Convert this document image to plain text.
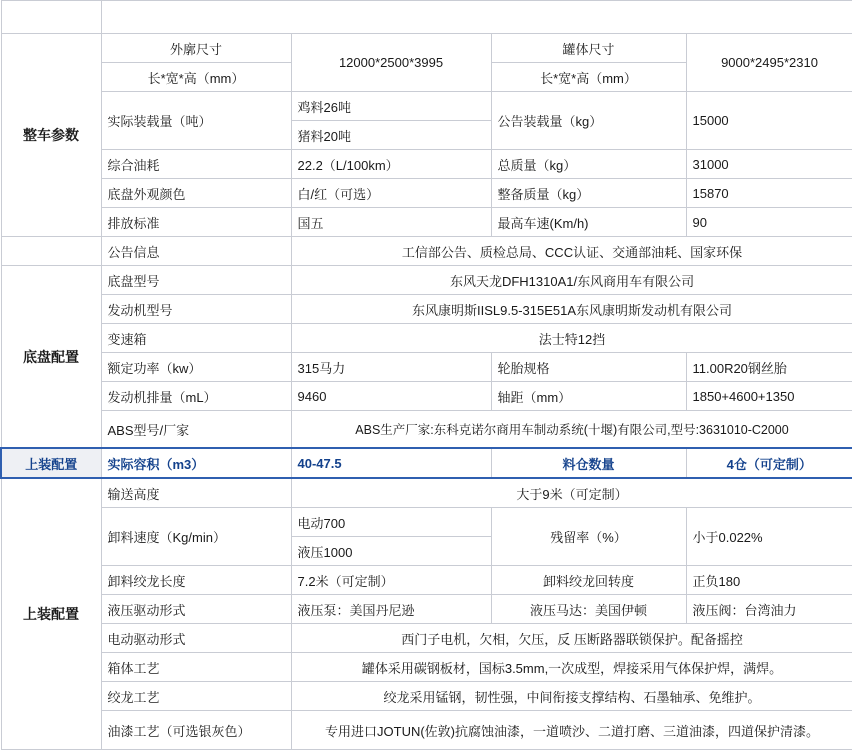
车型	东风天龙前四后八散装饲料运输车			
整车参数	外廓尺寸	12000*2500*3995	罐体尺寸	9000*2495*2310
	长*宽*高（mm）		长*宽*高（mm）	
	实际装载量（吨）	鸡料26吨	公告装载量（kg）	15000
		猪料20吨		
	综合油耗	22.2（L/100km）	总质量（kg）	31000
	底盘外观颜色	白/红（可选）	整备质量（kg）	15870
	排放标准	国五	最高车速(Km/h)	90
	公告信息	工信部公告、质检总局、CCC认证、交通部油耗、国家环保		
底盘配置	底盘型号	东风天龙DFH1310A1/东风商用车有限公司		
	发动机型号	东风康明斯IISL9.5-315E51A东风康明斯发动机有限公司		
	变速箱	法士特12挡		
	额定功率（kw）	315马力	轮胎规格	11.00R20钢丝胎
	发动机排量（mL）	9460	轴距（mm）	1850+4600+1350
	ABS型号/厂家	ABS生产厂家:东科克诺尔商用车制动系统(十堰)有限公司,型号:3631010-C2000		
上装配置	实际容积（m3）	40-47.5	料仓数量	4仓（可定制）
上装配置	输送高度	大于9米（可定制）		
	卸料速度（Kg/min）	电动700	残留率（%）	小于0.022%
		液压1000		
	卸料绞龙长度	7.2米（可定制）	卸料绞龙回转度	正负180
	液压驱动形式	液压泵：美国丹尼逊	液压马达：美国伊顿	液压阀：台湾油力
	电动驱动形式	西门子电机，欠相，欠压，反 压断路器联锁保护。配备摇控		
	箱体工艺	罐体采用碳钢板材，国标3.5mm,一次成型，焊接采用气体保护焊，满焊。		
	绞龙工艺	绞龙采用锰钢，韧性强，中间衔接支撑结构、石墨轴承、免维护。		
	油漆工艺（可选银灰色）	专用进口JOTUN(佐敦)抗腐蚀油漆，一道喷沙、二道打磨、三道油漆，四道保护清漆。		
